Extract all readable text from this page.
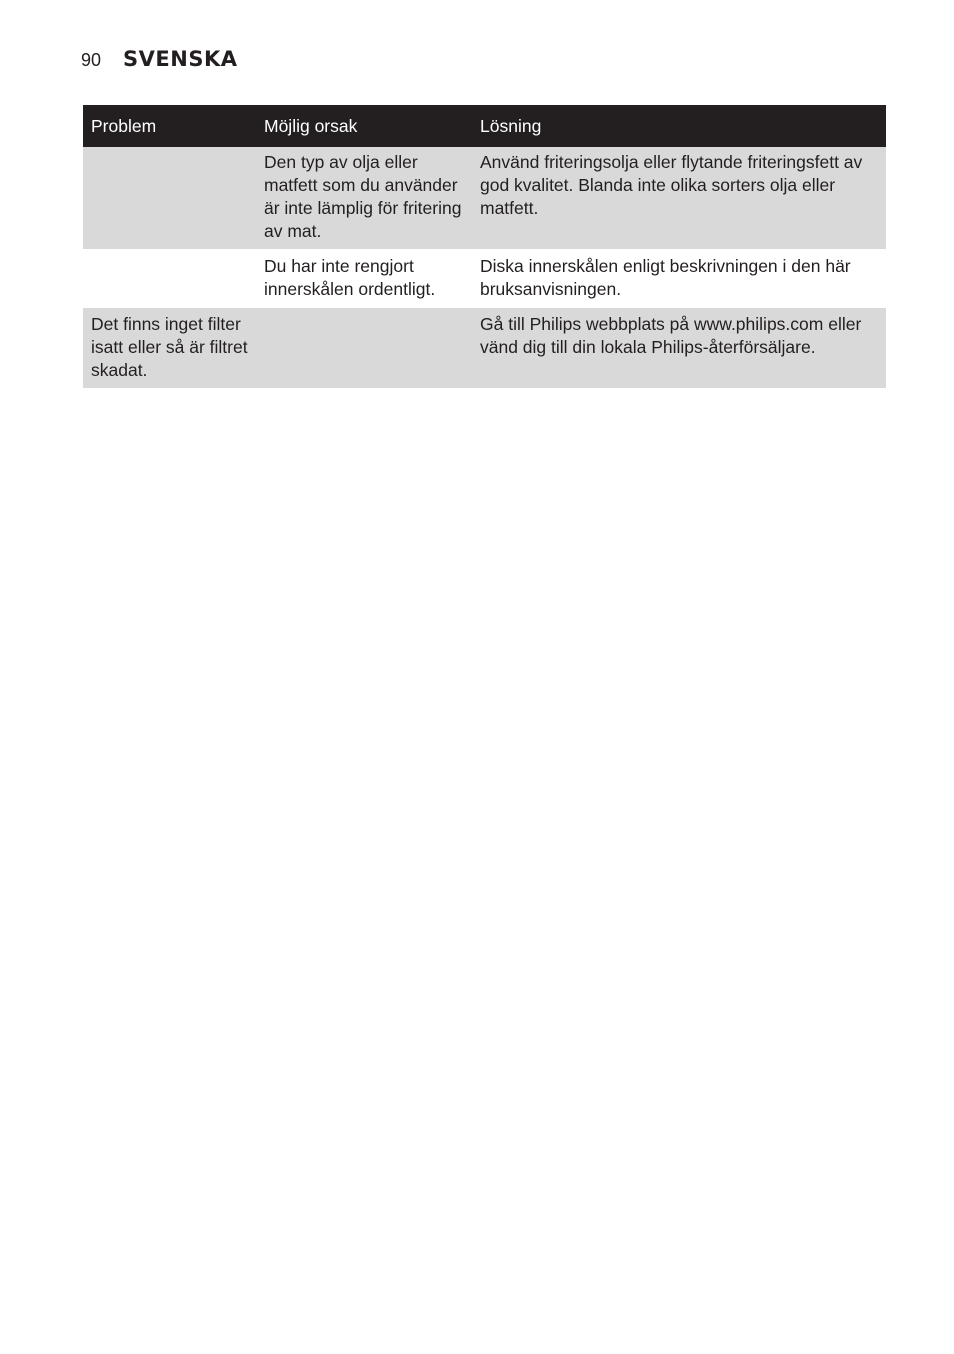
90 SVENSKA
Problem	Möjlig orsak	Lösning
	Den typ av olja eller matfett som du använder är inte lämplig för fritering av mat.	Använd friteringsolja eller flytande friteringsfett av god kvalitet. Blanda inte olika sorters olja eller matfett.
	Du har inte rengjort innerskålen ordentligt.	Diska innerskålen enligt beskrivningen i den här bruksanvisningen.
Det finns inget filter isatt eller så är filtret skadat.		Gå till Philips webbplats på www.philips.com eller vänd dig till din lokala Philips-återförsäljare.
